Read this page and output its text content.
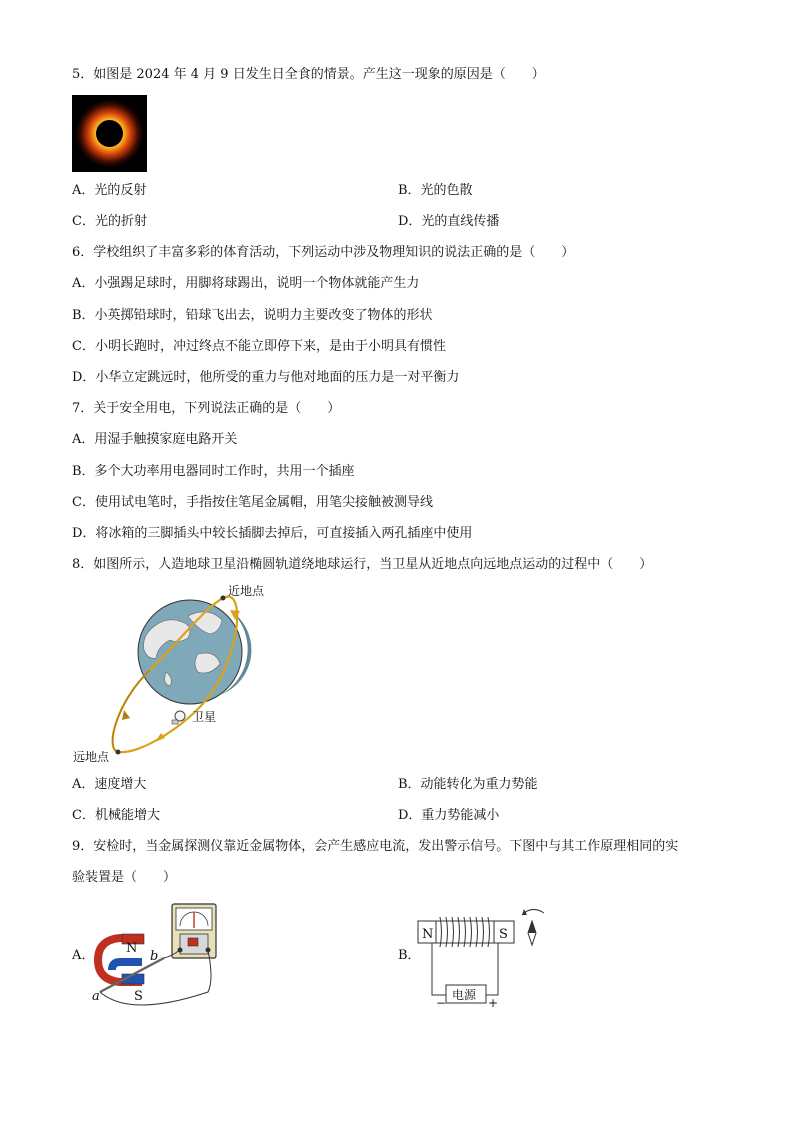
5．如图是 2024 年 4 月 9 日发生日全食的情景。产生这一现象的原因是（　　）
A．光的反射	B．光的色散
C．光的折射	D．光的直线传播
6．学校组织了丰富多彩的体育活动，下列运动中涉及物理知识的说法正确的是（　　）
A．小强踢足球时，用脚将球踢出，说明一个物体就能产生力
B．小英掷铅球时，铅球飞出去，说明力主要改变了物体的形状
C．小明长跑时，冲过终点不能立即停下来，是由于小明具有惯性
D．小华立定跳远时，他所受的重力与他对地面的压力是一对平衡力
7．关于安全用电，下列说法正确的是（　　）
A．用湿手触摸家庭电路开关
B．多个大功率用电器同时工作时，共用一个插座
C．使用试电笔时，手指按住笔尾金属帽，用笔尖接触被测导线
D．将冰箱的三脚插头中较长插脚去掉后，可直接插入两孔插座中使用
8．如图所示，人造地球卫星沿椭圆轨道绕地球运行，当卫星从近地点向远地点运动的过程中（　　）
近地点
远地点
卫星
A．速度增大	B．动能转化为重力势能
C．机械能增大	D．重力势能减小
9．安检时，当金属探测仪靠近金属物体，会产生感应电流，发出警示信号。下图中与其工作原理相同的实
验装置是（　　）
A． N
S
a
b	B．
N	S
电源
−	+
